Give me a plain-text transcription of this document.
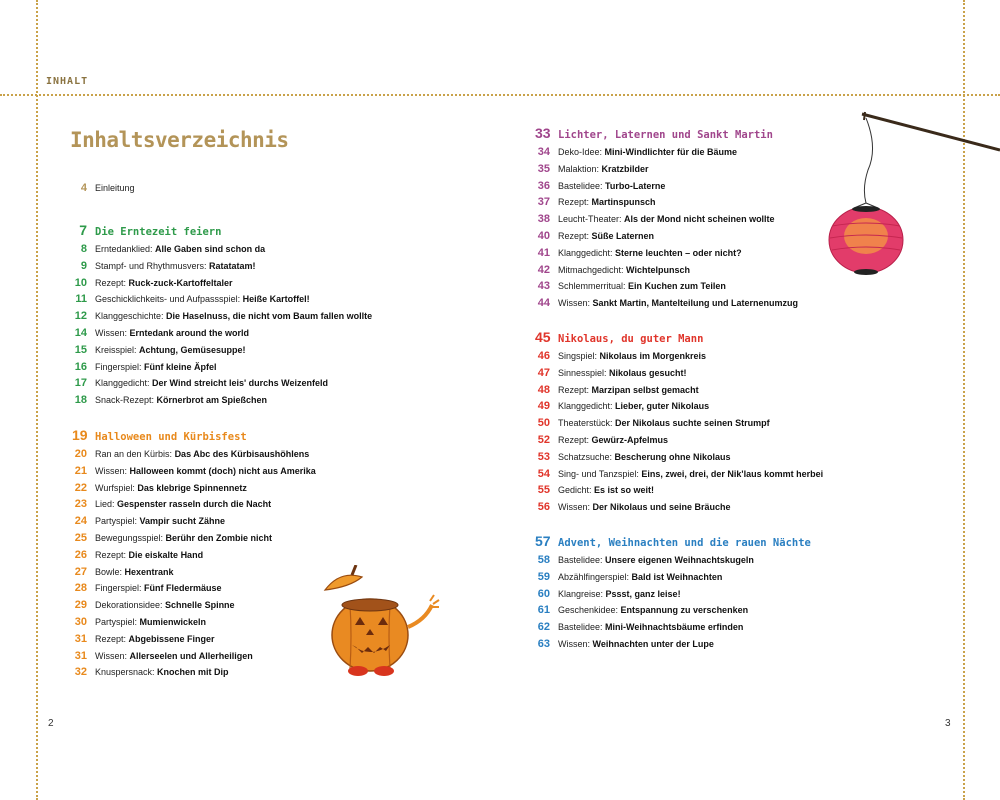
INHALT
Inhaltsverzeichnis
4 Einleitung
7 Die Erntezeit feiern
8 Erntedanklied: Alle Gaben sind schon da
9 Stampf- und Rhythmusvers: Ratatatam!
10 Rezept: Ruck-zuck-Kartoffeltaler
11 Geschicklichkeits- und Aufpassspiel: Heiße Kartoffel!
12 Klanggeschichte: Die Haselnuss, die nicht vom Baum fallen wollte
14 Wissen: Erntedank around the world
15 Kreisspiel: Achtung, Gemüsesuppe!
16 Fingerspiel: Fünf kleine Äpfel
17 Klanggedicht: Der Wind streicht leis' durchs Weizenfeld
18 Snack-Rezept: Körnerbrot am Spießchen
19 Halloween und Kürbisfest
20 Ran an den Kürbis: Das Abc des Kürbisaushöhlens
21 Wissen: Halloween kommt (doch) nicht aus Amerika
22 Wurfspiel: Das klebrige Spinnennetz
23 Lied: Gespenster rasseln durch die Nacht
24 Partyspiel: Vampir sucht Zähne
25 Bewegungsspiel: Berühr den Zombie nicht
26 Rezept: Die eiskalte Hand
27 Bowle: Hexentrank
28 Fingerspiel: Fünf Fledermäuse
29 Dekorationsidee: Schnelle Spinne
30 Partyspiel: Mumienwickeln
31 Rezept: Abgebissene Finger
31 Wissen: Allerseelen und Allerheiligen
32 Knuspersnack: Knochen mit Dip
33 Lichter, Laternen und Sankt Martin
34 Deko-Idee: Mini-Windlichter für die Bäume
35 Malaktion: Kratzbilder
36 Bastelidee: Turbo-Laterne
37 Rezept: Martinspunsch
38 Leucht-Theater: Als der Mond nicht scheinen wollte
40 Rezept: Süße Laternen
41 Klanggedicht: Sterne leuchten – oder nicht?
42 Mitmachgedicht: Wichtelpunsch
43 Schlemmerritual: Ein Kuchen zum Teilen
44 Wissen: Sankt Martin, Mantelteilung und Laternenumzug
45 Nikolaus, du guter Mann
46 Singspiel: Nikolaus im Morgenkreis
47 Sinnesspiel: Nikolaus gesucht!
48 Rezept: Marzipan selbst gemacht
49 Klanggedicht: Lieber, guter Nikolaus
50 Theaterstück: Der Nikolaus suchte seinen Strumpf
52 Rezept: Gewürz-Apfelmus
53 Schatzsuche: Bescherung ohne Nikolaus
54 Sing- und Tanzspiel: Eins, zwei, drei, der Nik'laus kommt herbei
55 Gedicht: Es ist so weit!
56 Wissen: Der Nikolaus und seine Bräuche
57 Advent, Weihnachten und die rauen Nächte
58 Bastelidee: Unsere eigenen Weihnachtskugeln
59 Abzählfingerspiel: Bald ist Weihnachten
60 Klangreise: Pssst, ganz leise!
61 Geschenkidee: Entspannung zu verschenken
62 Bastelidee: Mini-Weihnachtsbäume erfinden
63 Wissen: Weihnachten unter der Lupe
2	3
